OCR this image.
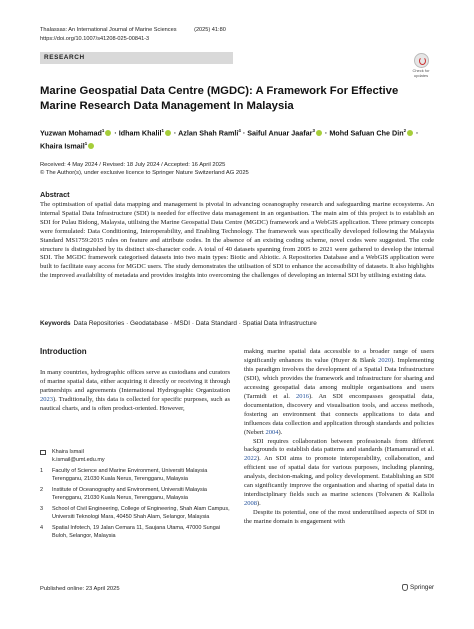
Thalassas: An International Journal of Marine Sciences	(2025) 41:80
https://doi.org/10.1007/s41208-025-00841-3
RESEARCH
Check for updates
Marine Geospatial Data Centre (MGDC): A Framework For Effective Marine Research Data Management In Malaysia
Yuzwan Mohamad$^1$ · Idham Khalil$^1$ · Azlan Shah Ramli$^4$ · Saiful Anuar Jaafar$^3$ · Mohd Safuan Che Din$^2$ · Khaira Ismail$^1$
Received: 4 May 2024 / Revised: 18 July 2024 / Accepted: 16 April 2025
© The Author(s), under exclusive licence to Springer Nature Switzerland AG 2025
Abstract
The optimisation of spatial data mapping and management is pivotal in advancing oceanography research and safeguarding marine ecosystems. An internal Spatial Data Infrastructure (SDI) is needed for effective data management in an organisation. The main aim of this project is to establish an SDI for Pulau Bidong, Malaysia, utilising the Marine Geospatial Data Centre (MGDC) framework and a WebGIS application. Three primary concepts were formulated: Data Conditioning, Interoperability, and Enabling Technology. The framework was specifically developed following the Malaysia Standard MS1759:2015 rules on feature and attribute codes. In the absence of an existing coding scheme, novel codes were suggested. The code structure is distinguished by its distinct six-character code. A total of 40 datasets spanning from 2005 to 2021 were gathered to develop the internal SDI. The MGDC framework categorised datasets into two main types: Biotic and Abiotic. A Repositories Database and a WebGIS application were built to facilitate easy access for MGDC users. The study demonstrates the utilisation of SDI to enhance the accessibility of datasets. It also highlights the improved availability of metadata and provides insights into overcoming the challenges of developing an internal SDI by utilising existing data.
Keywords Data Repositories · Geodatabase · MSDI · Data Standard · Spatial Data Infrastructure
Introduction

In many countries, hydrographic offices serve as custodians and curators of marine spatial data, either acquiring it directly or receiving it through partnerships and agreements (International Hydrographic Organization 2023). Traditionally, this data is collected for specific purposes, such as nautical charts, and is often product-oriented. However,

Khaira Ismail
k.ismail@umt.edu.my
1	Faculty of Science and Marine Environment, Universiti Malaysia Terengganu, 21030 Kuala Nerus, Terengganu, Malaysia
2	Institute of Oceanography and Environment, Universiti Malaysia Terengganu, 21030 Kuala Nerus, Terengganu, Malaysia
3	School of Civil Engineering, College of Engineering, Shah Alam Campus, Universiti Teknologi Mara, 40450 Shah Alam, Selangor, Malaysia
4	Spatial Infotech, 19 Jalan Cemara 11, Saujana Utama, 47000 Sungai Buloh, Selangor, Malaysia

making marine spatial data accessible to a broader range of users significantly enhances its value (Huyer & Blank 2020). Implementing this paradigm involves the development of a Spatial Data Infrastructure (SDI), which provides the framework and infrastructure for sharing and accessing geospatial data among multiple organisations and users (Tarmidi et al. 2016). An SDI encompasses geospatial data, documentation, discovery and visualisation tools, and access methods, fostering an environment that connects applications to data and influences data collection and application through standards and policies (Nebert 2004).

SDI requires collaboration between professionals from different backgrounds to establish data patterns and standards (Hamamurad et al. 2022). An SDI aims to promote interoperability, collaboration, and efficient use of spatial data for various purposes, including planning, analysis, decision-making, and policy development. Establishing an SDI can significantly improve the organisation and sharing of spatial data in interdisciplinary fields such as marine sciences (Tolvanen & Kalliola 2008).

Despite its potential, one of the most underutilised aspects of SDI in the marine domain is engagement with

Published online: 23 April 2025	Springer
